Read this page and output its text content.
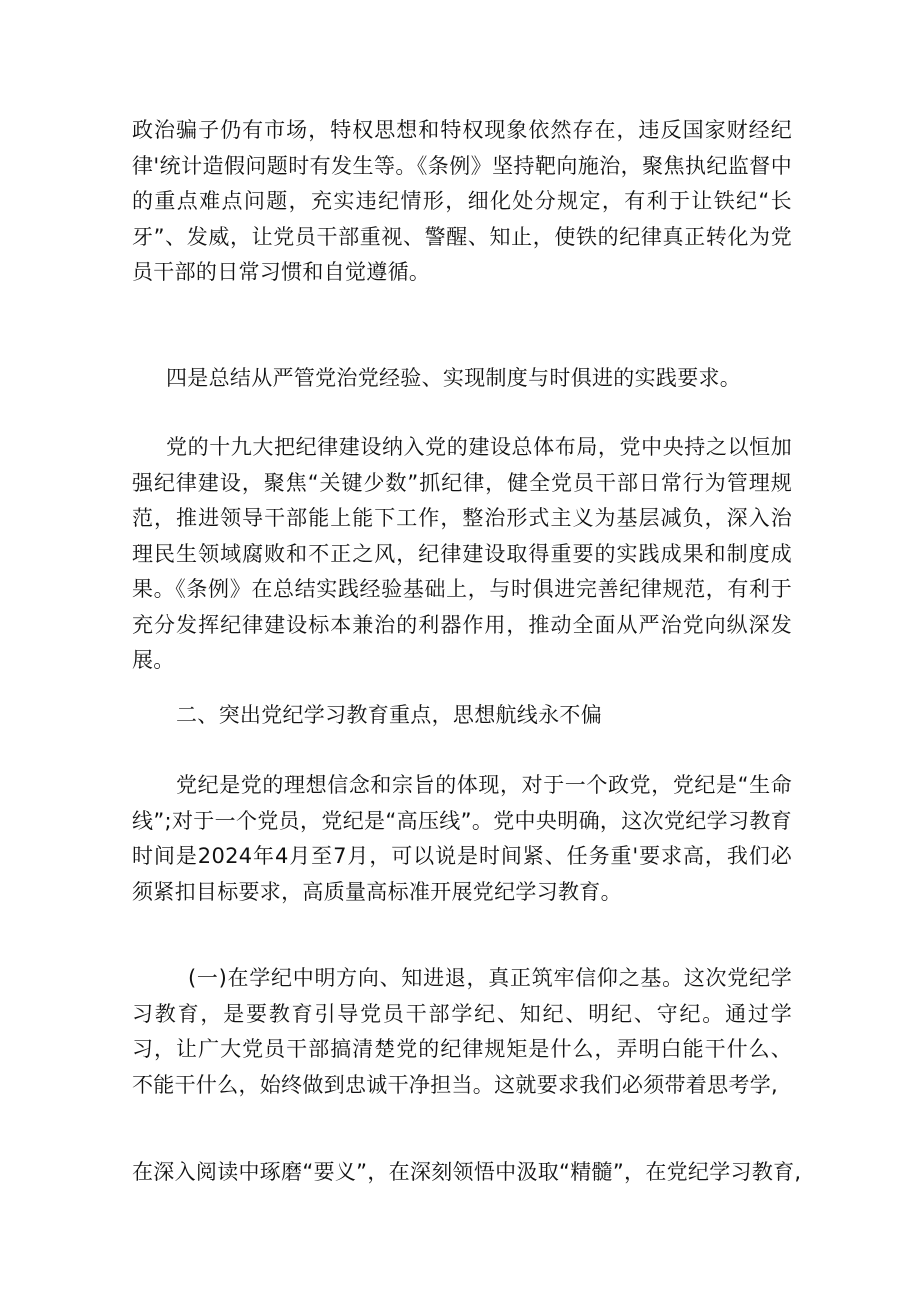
政治骗子仍有市场，特权思想和特权现象依然存在，违反国家财经纪律'统计造假问题时有发生等。《条例》坚持靶向施治，聚焦执纪监督中的重点难点问题，充实违纪情形，细化处分规定，有利于让铁纪“长牙”、发威，让党员干部重视、警醒、知止，使铁的纪律真正转化为党员干部的日常习惯和自觉遵循。
四是总结从严管党治党经验、实现制度与时俱进的实践要求。
党的十九大把纪律建设纳入党的建设总体布局，党中央持之以恒加强纪律建设，聚焦“关键少数”抓纪律，健全党员干部日常行为管理规范，推进领导干部能上能下工作，整治形式主义为基层减负，深入治理民生领域腐败和不正之风，纪律建设取得重要的实践成果和制度成果。《条例》在总结实践经验基础上，与时俱进完善纪律规范，有利于充分发挥纪律建设标本兼治的利器作用，推动全面从严治党向纵深发展。
二、突出党纪学习教育重点，思想航线永不偏
党纪是党的理想信念和宗旨的体现，对于一个政党，党纪是“生命线”;对于一个党员，党纪是“高压线”。党中央明确，这次党纪学习教育时间是2024年4月至7月，可以说是时间紧、任务重'要求高，我们必须紧扣目标要求，高质量高标准开展党纪学习教育。
(一)在学纪中明方向、知进退，真正筑牢信仰之基。这次党纪学习教育，是要教育引导党员干部学纪、知纪、明纪、守纪。通过学习，让广大党员干部搞清楚党的纪律规矩是什么，弄明白能干什么、不能干什么，始终做到忠诚干净担当。这就要求我们必须带着思考学,
在深入阅读中琢磨“要义”，在深刻领悟中汲取“精髓”，在党纪学习教育,
